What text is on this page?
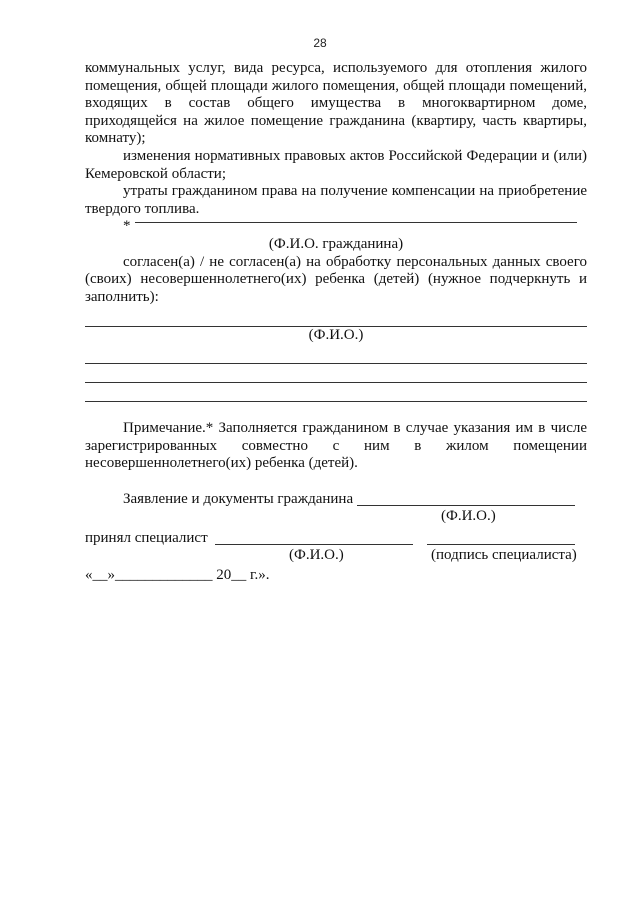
28

коммунальных услуг, вида ресурса, используемого для отопления жилого помещения, общей площади жилого помещения, общей площади помещений, входящих в состав общего имущества в многоквартирном доме, приходящейся на жилое помещение гражданина (квартиру, часть квартиры, комнату);

изменения нормативных правовых актов Российской Федерации и (или) Кемеровской области;

утраты гражданином права на получение компенсации на приобретение твердого топлива.

*
(Ф.И.О. гражданина)

согласен(а) / не согласен(а) на обработку персональных данных своего (своих) несовершеннолетнего(их) ребенка (детей) (нужное подчеркнуть и заполнить):

(Ф.И.О.)

Примечание.* Заполняется гражданином в случае указания им в числе зарегистрированных совместно с ним в жилом помещении несовершеннолетнего(их) ребенка (детей).

Заявление и документы гражданина
(Ф.И.О.)
принял специалист
(Ф.И.О.)	(подпись специалиста)
«__»_____________ 20__ г.».
